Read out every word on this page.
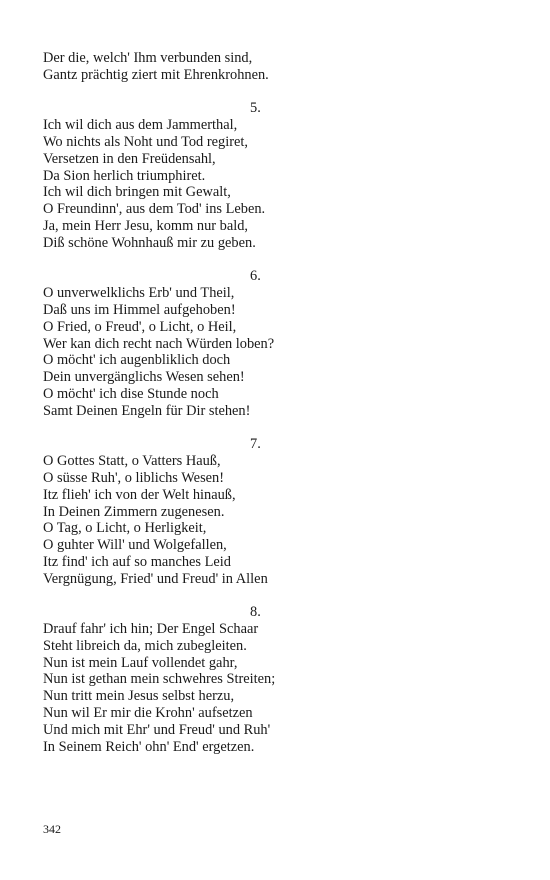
Der die, welch' Ihm verbunden sind,
Gantz prächtig ziert mit Ehrenkrohnen.
5.
Ich wil dich aus dem Jammerthal,
Wo nichts als Noht und Tod regiret,
Versetzen in den Freüdensahl,
Da Sion herlich triumphiret.
Ich wil dich bringen mit Gewalt,
O Freundinn', aus dem Tod' ins Leben.
Ja, mein Herr Jesu, komm nur bald,
Diß schöne Wohnhauß mir zu geben.
6.
O unverwelklichs Erb' und Theil,
Daß uns im Himmel aufgehoben!
O Fried, o Freud', o Licht, o Heil,
Wer kan dich recht nach Würden loben?
O möcht' ich augenbliklich doch
Dein unvergänglichs Wesen sehen!
O möcht' ich dise Stunde noch
Samt Deinen Engeln für Dir stehen!
7.
O Gottes Statt, o Vatters Hauß,
O süsse Ruh', o liblichs Wesen!
Itz flieh' ich von der Welt hinauß,
In Deinen Zimmern zugenesen.
O Tag, o Licht, o Herligkeit,
O guhter Will' und Wolgefallen,
Itz find' ich auf so manches Leid
Vergnügung, Fried' und Freud' in Allen
8.
Drauf fahr' ich hin; Der Engel Schaar
Steht libreich da, mich zubegleiten.
Nun ist mein Lauf vollendet gahr,
Nun ist gethan mein schwehres Streiten;
Nun tritt mein Jesus selbst herzu,
Nun wil Er mir die Krohn' aufsetzen
Und mich mit Ehr' und Freud' und Ruh'
In Seinem Reich' ohn' End' ergetzen.
342
